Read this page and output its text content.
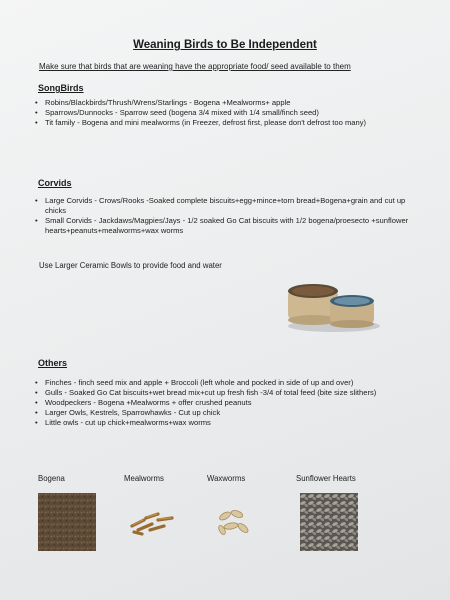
Weaning Birds to Be Independent
Make sure that birds that are weaning have the appropriate food/ seed available to them
SongBirds
• Robins/Blackbirds/Thrush/Wrens/Starlings - Bogena +Mealworms+ apple
• Sparrows/Dunnocks - Sparrow seed (bogena 3/4 mixed with 1/4 small/finch seed)
• Tit family - Bogena and mini mealworms (in Freezer, defrost first, please don't defrost too many)
Corvids
• Large Corvids - Crows/Rooks -Soaked complete biscuits+egg+mince+torn bread+Bogena+grain and cut up chicks
• Small Corvids - Jackdaws/Magpies/Jays - 1/2 soaked Go Cat biscuits with 1/2 bogena/proesecto +sunflower hearts+peanuts+mealworms+wax worms
Use Larger Ceramic Bowls to provide food and water
Others
• Finches - finch seed mix and apple + Broccoli (left whole and pocked in side of up and over)
• Gulls - Soaked Go Cat biscuits+wet bread mix+cut up fresh fish -3/4 of total feed (bite size slithers)
• Woodpeckers - Bogena +Mealworms + offer crushed peanuts
• Larger Owls, Kestrels, Sparrowhawks - Cut up chick
• Little owls - cut up chick+mealworms+wax worms
Bogena	Mealworms	Waxworms	Sunflower Hearts
